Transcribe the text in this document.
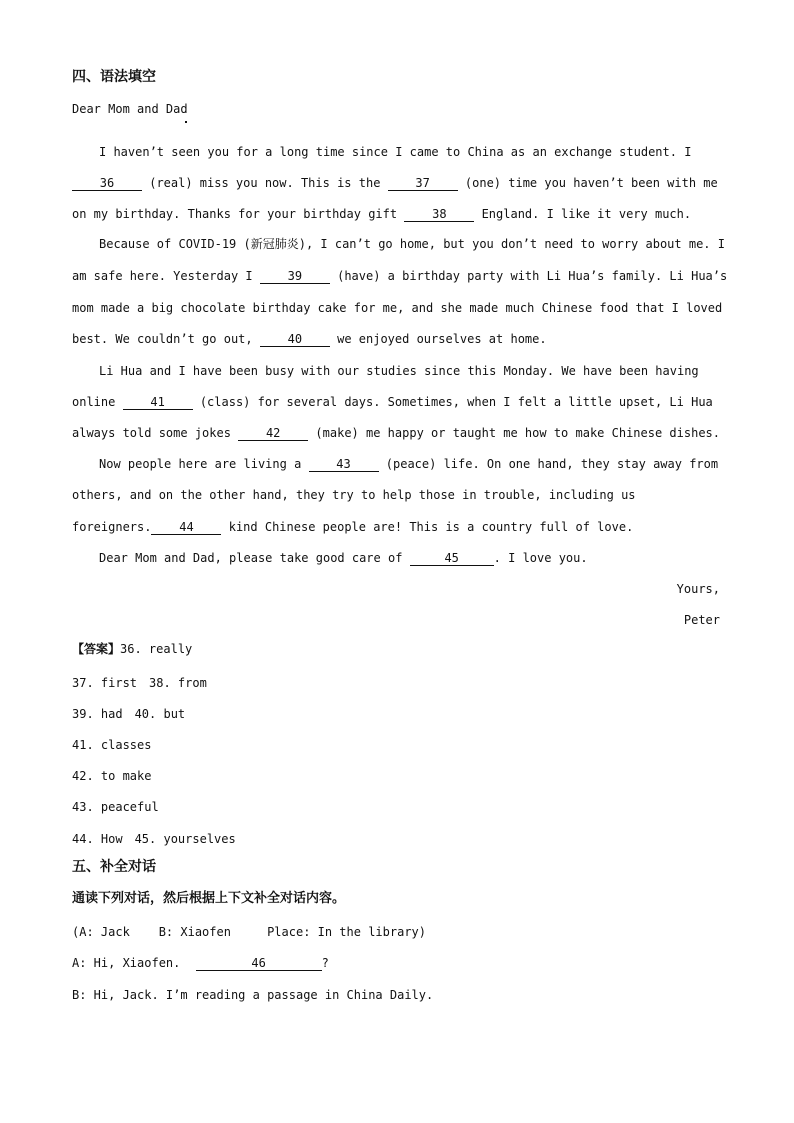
四、语法填空
Dear Mom and Dad
I haven’t seen you for a long time since I came to China as an exchange student. I
36	(real) miss you now. This is the	37	(one) time you haven’t been with me
on my birthday. Thanks for your birthday gift	38	England. I like it very much.
Because of COVID-19 (新冠肺炎), I can’t go home, but you don’t need to worry about me. I
am safe here. Yesterday I	39	(have) a birthday party with Li Hua’s family. Li Hua’s
mom made a big chocolate birthday cake for me, and she made much Chinese food that I loved
best. We couldn’t go out,	40	we enjoyed ourselves at home.
Li Hua and I have been busy with our studies since this Monday. We have been having
online	41	(class) for several days. Sometimes, when I felt a little upset, Li Hua
always told some jokes	42	(make) me happy or taught me how to make Chinese dishes.
Now people here are living a	43	(peace) life. On one hand, they stay away from
others, and on the other hand, they try to help those in trouble, including us
foreigners. 44	kind Chinese people are! This is a country full of love.
Dear Mom and Dad, please take good care of	45	. I love you.
Yours,
Peter
【答案】36. really
37. first 38. from
39. had 40. but
41. classes
42. to make
43. peaceful
44. How 45. yourselves
五、补全对话
通读下列对话，然后根据上下文补全对话内容。
(A: Jack    B: Xiaofen     Place: In the library)
A: Hi, Xiaofen.	46	?
B: Hi, Jack. I’m reading a passage in China Daily.
